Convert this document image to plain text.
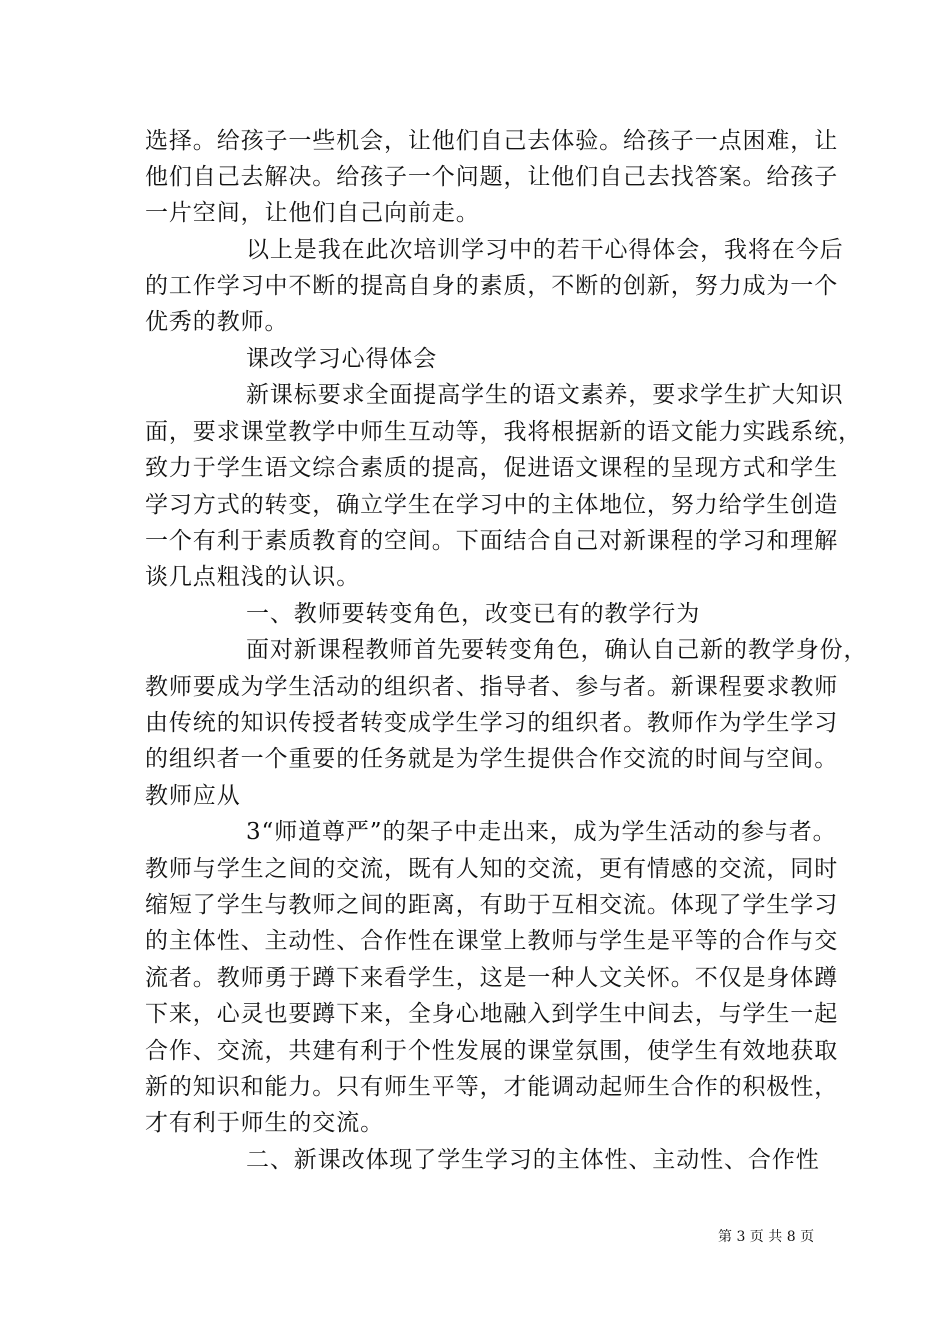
选择。给孩子一些机会，让他们自己去体验。给孩子一点困难，让
他们自己去解决。给孩子一个问题，让他们自己去找答案。给孩子
一片空间，让他们自己向前走。
以上是我在此次培训学习中的若干心得体会，我将在今后
的工作学习中不断的提高自身的素质，不断的创新，努力成为一个
优秀的教师。
课改学习心得体会
新课标要求全面提高学生的语文素养，要求学生扩大知识
面，要求课堂教学中师生互动等，我将根据新的语文能力实践系统，
致力于学生语文综合素质的提高，促进语文课程的呈现方式和学生
学习方式的转变，确立学生在学习中的主体地位，努力给学生创造
一个有利于素质教育的空间。下面结合自己对新课程的学习和理解
谈几点粗浅的认识。
一、教师要转变角色，改变已有的教学行为
面对新课程教师首先要转变角色，确认自己新的教学身份，
教师要成为学生活动的组织者、指导者、参与者。新课程要求教师
由传统的知识传授者转变成学生学习的组织者。教师作为学生学习
的组织者一个重要的任务就是为学生提供合作交流的时间与空间。
教师应从
3“师道尊严”的架子中走出来，成为学生活动的参与者。
教师与学生之间的交流，既有人知的交流，更有情感的交流，同时
缩短了学生与教师之间的距离，有助于互相交流。体现了学生学习
的主体性、主动性、合作性在课堂上教师与学生是平等的合作与交
流者。教师勇于蹲下来看学生，这是一种人文关怀。不仅是身体蹲
下来，心灵也要蹲下来，全身心地融入到学生中间去，与学生一起
合作、交流，共建有利于个性发展的课堂氛围，使学生有效地获取
新的知识和能力。只有师生平等，才能调动起师生合作的积极性，
才有利于师生的交流。
二、新课改体现了学生学习的主体性、主动性、合作性
第 3 页 共 8 页
